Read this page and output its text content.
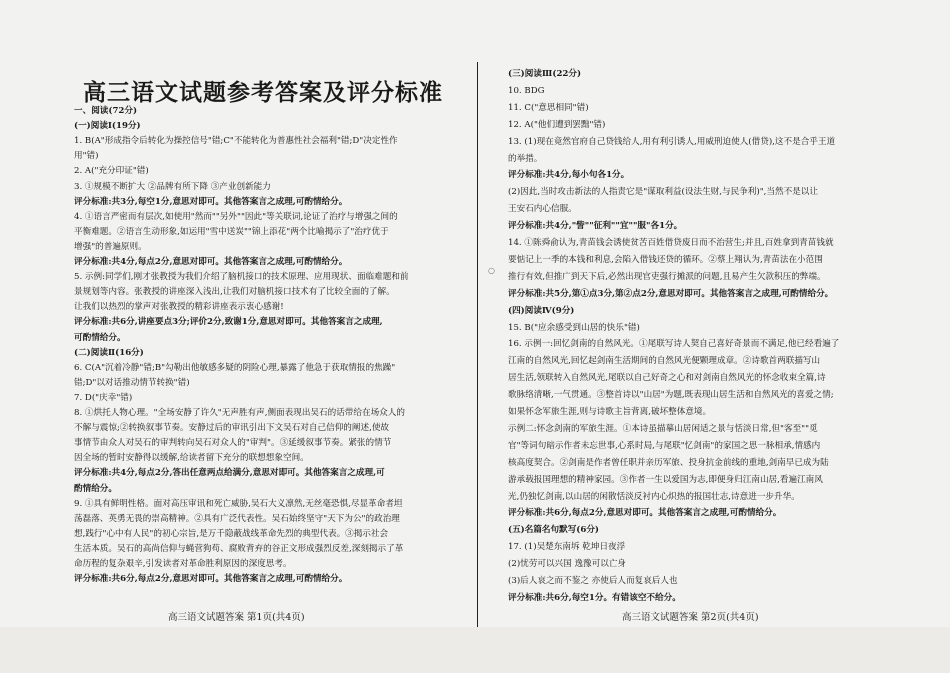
高三语文试题参考答案及评分标准
一、阅读(72分)
(一)阅读Ⅰ(19分)
1. B(A"形成指令后转化为操控信号"错;C"不能转化为普惠性社会福利"错;D"决定性作
用"错)
2. A("充分印证"错)
3. ①规模不断扩大 ②品牌有所下降 ③产业创新能力
评分标准:共3分,每空1分,意思对即可。其他答案言之成理,可酌情给分。
4. ①语言严密而有层次,如使用"然而""另外""因此"等关联词,论证了治疗与增强之间的
平衡难题。②语言生动形象,如运用"雪中送炭""锦上添花"两个比喻揭示了"治疗优于
增强"的普遍原则。
评分标准:共4分,每点2分,意思对即可。其他答案言之成理,可酌情给分。
5. 示例:同学们,刚才张教授为我们介绍了脑机接口的技术原理、应用现状、面临难题和前
景规划等内容。张教授的讲座深入浅出,让我们对脑机接口技术有了比较全面的了解。
让我们以热烈的掌声对张教授的精彩讲座表示衷心感谢!
评分标准:共6分,讲座要点3分;评价2分,致谢1分,意思对即可。其他答案言之成理,
可酌情给分。
(二)阅读Ⅱ(16分)
6. C(A"沉着冷静"错;B"勾勒出他敏感多疑的阴险心理,暴露了他急于获取情报的焦躁"
错;D"以对话推动情节转换"错)
7. D("庆幸"错)
8. ①烘托人物心理。"全场安静了许久"无声胜有声,侧面表现出吴石的话带给在场众人的
不解与震惊;②转换叙事节奏。安静过后的审讯引出下文吴石对自己信仰的阐述,使故
事情节由众人对吴石的审判转向吴石对众人的"审判"。③延缓叙事节奏。紧张的情节
因全场的暂时安静得以缓解,给读者留下充分的联想想象空间。
评分标准:共4分,每点2分,答出任意两点给满分,意思对即可。其他答案言之成理,可
酌情给分。
9. ①具有鲜明性格。面对高压审讯和死亡威胁,吴石大义凛然,无丝毫恐惧,尽显革命者坦
荡磊落、英勇无畏的崇高精神。②具有广泛代表性。吴石始终坚守"天下为公"的政治理
想,践行"心中有人民"的初心宗旨,是万千隐蔽战线革命先烈的典型代表。③揭示社会
生活本质。吴石的高尚信仰与蝇营狗苟、腐败背弃的谷正文形成强烈反差,深刻揭示了革
命历程的复杂艰辛,引发读者对革命胜利原因的深度思考。
评分标准:共6分,每点2分,意思对即可。其他答案言之成理,可酌情给分。
高三语文试题答案 第1页(共4页)
○
(三)阅读Ⅲ(22分)
10. BDG
11. C("意思相同"错)
12. A("他们遭到罢黜"错)
13. (1)现在竟然官府自己贷钱给人,用有利引诱人,用威刑迫使人(借贷),这不是合乎王道
的举措。
评分标准:共4分,每小句各1分。
(2)因此,当时攻击新法的人指责它是"谋取利益(设法生财,与民争利)",当然不是以让
王安石内心信服。
评分标准:共4分,"訾""征利""宜""服"各1分。
14. ①陈舜俞认为,青苗钱会诱使贫苦百姓借贷废日而不治营生;并且,百姓拿到青苗钱就
要惦记上一季的本钱和利息,会陷入借钱还贷的循环。②蔡上翔认为,青苗法在小范围
推行有效,但推广到天下后,必然出现官吏强行摊派的问题,且易产生欠款积压的弊端。
评分标准:共5分,第①点3分,第②点2分,意思对即可。其他答案言之成理,可酌情给分。
(四)阅读Ⅳ(9分)
15. B("应余感受到山居的快乐"错)
16. 示例一:回忆剑南的自然风光。①尾联写诗人契自己喜好奇景而不满足,他已经看遍了
江南的自然风光,回忆起剑南生活期间的自然风光便颗理成章。②诗歌首两联描写山
居生活,领联转入自然风光,尾联以自己好奇之心和对剑南自然风光的怀念收束全篇,诗
歌脉络清晰,一气贯通。③整首诗以"山居"为题,既表现山居生活和自然风光的喜爱之情;
如果怀念军旅生涯,则与诗歌主旨背离,破坏整体意境。
示例二:怀念剑南的军旅生涯。①本诗虽描摹山居闲适之景与恬淡日常,但"客至""觅
官"等词句暗示作者未忘世事,心系时局,与尾联"忆剑南"的家国之思一脉相承,情感内
核高度契合。②剑南是作者曾任职并亲历军旅、投身抗金前线的重地,剑南早已成为陆
游承载报国理想的精神家园。③作者一生以爱国为志,即便身归江南山居,看遍江南风
光,仍独忆剑南,以山居的闲散恬淡反衬内心炽热的报国壮志,诗意进一步升华。
评分标准:共6分,每点2分,意思对即可。其他答案言之成理,可酌情给分。
(五)名篇名句默写(6分)
17. (1)吴楚东南坼 乾坤日夜浮
(2)忧劳可以兴国 逸豫可以亡身
(3)后人哀之而不鉴之 亦使后人而复哀后人也
评分标准:共6分,每空1分。有错该空不给分。
高三语文试题答案 第2页(共4页)
